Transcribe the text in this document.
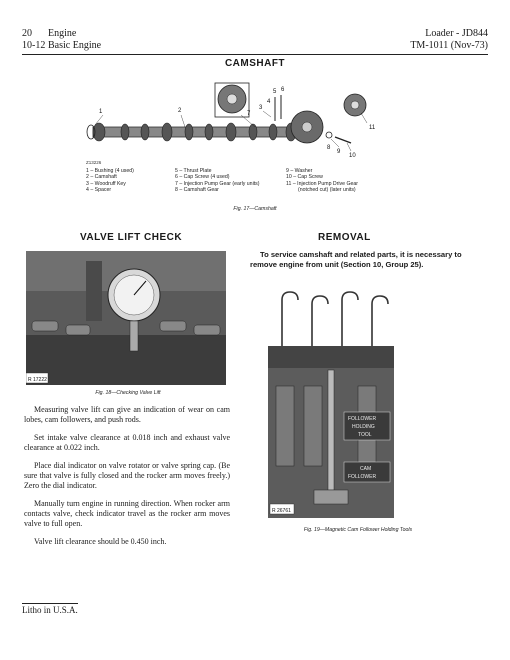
20 Engine
10-12 Basic Engine
Loader - JD844
TM-1011 (Nov-73)
CAMSHAFT
1	2	3
4
5 6
7
8
9
10
11
Z13226
1 – Bushing (4 used)
2 – Camshaft
3 – Woodruff Key
4 – Spacer
5 – Thrust Plate
6 – Cap Screw (4 used)
7 – Injection Pump Gear (early units)
8 – Camshaft Gear
9 – Washer
10 – Cap Screw
11 – Injection Pump Drive Gear
(notched cut) (later units)
Fig. 17—Camshaft
VALVE LIFT CHECK
R 17222
Fig. 18—Checking Valve Lift

Measuring valve lift can give an indication of wear on cam lobes, cam followers, and push rods.

Set intake valve clearance at 0.018 inch and exhaust valve clearance at 0.022 inch.

Place dial indicator on valve rotator or valve spring cap. (Be sure that valve is fully closed and the rocker arm moves freely.) Zero the dial indicator.

Manually turn engine in running direction. When rocker arm contacts valve, check indicator travel as the rocker arm moves valve to full open.

Valve lift clearance should be 0.450 inch.

REMOVAL
To service camshaft and related parts, it is necessary to remove engine from unit (Section 10, Group 25).
FOLLOWER
HOLDING
TOOL
CAM
FOLLOWER
R 26761
Fig. 19—Magnetic Cam Follower Holding Tools
Litho in U.S.A.
